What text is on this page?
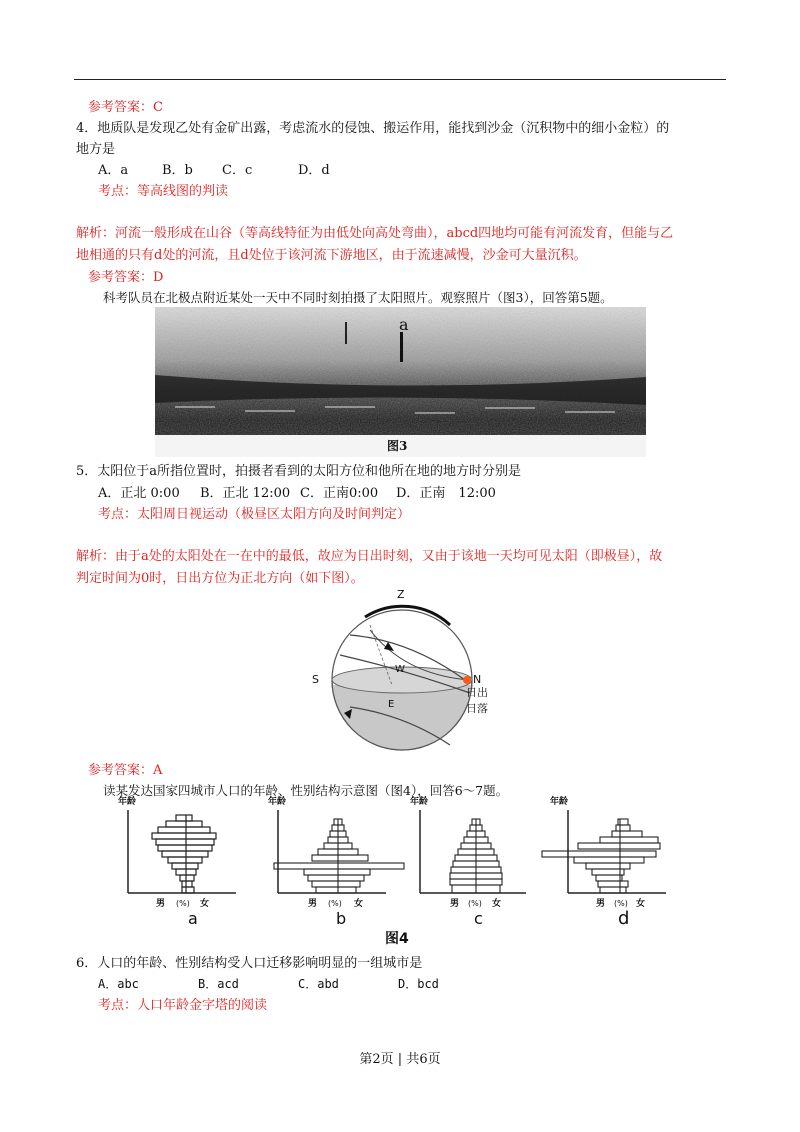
参考答案：C
4．地质队是发现乙处有金矿出露，考虑流水的侵蚀、搬运作用，能找到沙金（沉积物中的细小金粒）的
地方是
A．a	B．b C．c	D．d
考点：等高线图的判读
解析：河流一般形成在山谷（等高线特征为由低处向高处弯曲），abcd四地均可能有河流发育，但能与乙
地相通的只有d处的河流，且d处位于该河流下游地区，由于流速减慢，沙金可大量沉积。
参考答案：D
科考队员在北极点附近某处一天中不同时刻拍摄了太阳照片。观察照片（图3），回答第5题。
a
图3
5．太阳位于a所指位置时，拍摄者看到的太阳方位和他所在地的地方时分别是
A．正北 0:00 B．正北 12:00 C．正南0:00 D．正南　12:00
考点：太阳周日视运动（极昼区太阳方向及时间判定）
解析：由于a处的太阳处在一在中的最低，故应为日出时刻，又由于该地一天均可见太阳（即极昼），故
判定时间为0时，日出方位为正北方向（如下图）。
Z
S	N
W
E
日出
日落
参考答案：A
读某发达国家四城市人口的年龄、性别结构示意图（图4），回答6～7题。
年龄
男 (%) 女
a
年龄
男 (%) 女
b
年龄
男 (%) 女
c
年龄
男 (%) 女
d
图4
6．人口的年龄、性别结构受人口迁移影响明显的一组城市是
A．abc	B．acd	C．abd	D．bcd
考点：人口年龄金字塔的阅读
第2页 | 共6页
